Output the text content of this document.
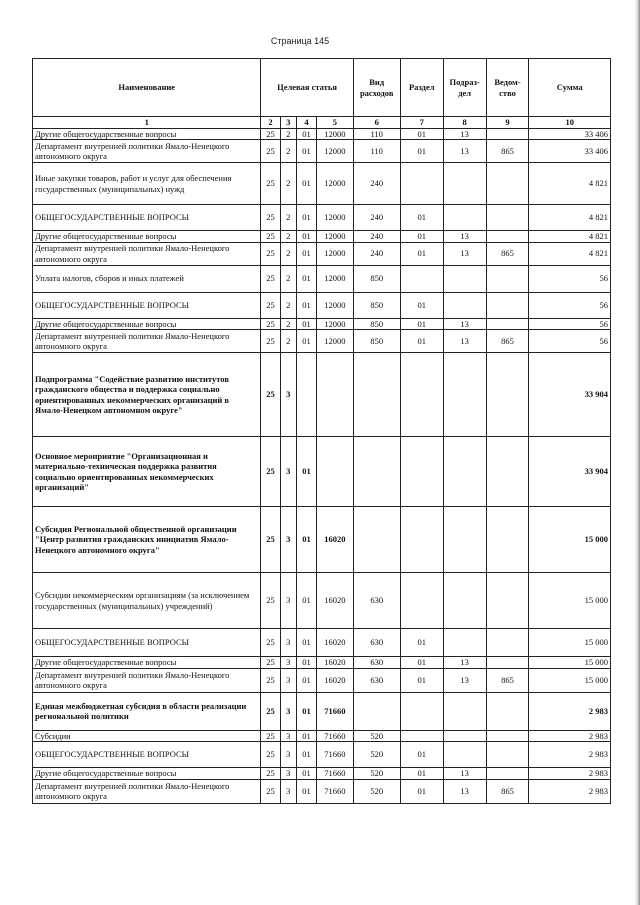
Страница 145
Наименование	Целевая статья				Вид расходов	Раздел	Подраз-дел	Ведом-ство	Сумма
1	2	3	4	5	6	7	8	9	10
Другие общегосударственные вопросы	25	2	01	12000	110	01	13		33 406
Департамент внутренней политики Ямало-Ненецкого автономного округа	25	2	01	12000	110	01	13	865	33 406
Иные закупки товаров, работ и услуг для обеспечения государственных (муниципальных) нужд	25	2	01	12000	240				4 821
ОБЩЕГОСУДАРСТВЕННЫЕ ВОПРОСЫ	25	2	01	12000	240	01			4 821
Другие общегосударственные вопросы	25	2	01	12000	240	01	13		4 821
Департамент внутренней политики Ямало-Ненецкого автономного округа	25	2	01	12000	240	01	13	865	4 821
Уплата налогов, сборов и иных платежей	25	2	01	12000	850				56
ОБЩЕГОСУДАРСТВЕННЫЕ ВОПРОСЫ	25	2	01	12000	850	01			56
Другие общегосударственные вопросы	25	2	01	12000	850	01	13		56
Департамент внутренней политики Ямало-Ненецкого автономного округа	25	2	01	12000	850	01	13	865	56
Подпрограмма "Содействие развитию институтов гражданского общества и поддержка социально ориентированных некоммерческих организаций в Ямало-Ненецком автономном округе"	25	3							33 904
Основное мероприятие "Организационная и материально-техническая поддержка развития социально ориентированных некоммерческих организаций"	25	3	01						33 904
Субсидия Региональной общественной организации "Центр развития гражданских инициатив Ямало-Ненецкого автономного округа"	25	3	01	16020					15 000
Субсидии некоммерческим организациям (за исключением государственных (муниципальных) учреждений)	25	3	01	16020	630				15 000
ОБЩЕГОСУДАРСТВЕННЫЕ ВОПРОСЫ	25	3	01	16020	630	01			15 000
Другие общегосударственные вопросы	25	3	01	16020	630	01	13		15 000
Департамент внутренней политики Ямало-Ненецкого автономного округа	25	3	01	16020	630	01	13	865	15 000
Единая межбюджетная субсидия в области реализации региональной политики	25	3	01	71660					2 983
Субсидии	25	3	01	71660	520				2 983
ОБЩЕГОСУДАРСТВЕННЫЕ ВОПРОСЫ	25	3	01	71660	520	01			2 983
Другие общегосударственные вопросы	25	3	01	71660	520	01	13		2 983
Департамент внутренней политики Ямало-Ненецкого автономного округа	25	3	01	71660	520	01	13	865	2 983
